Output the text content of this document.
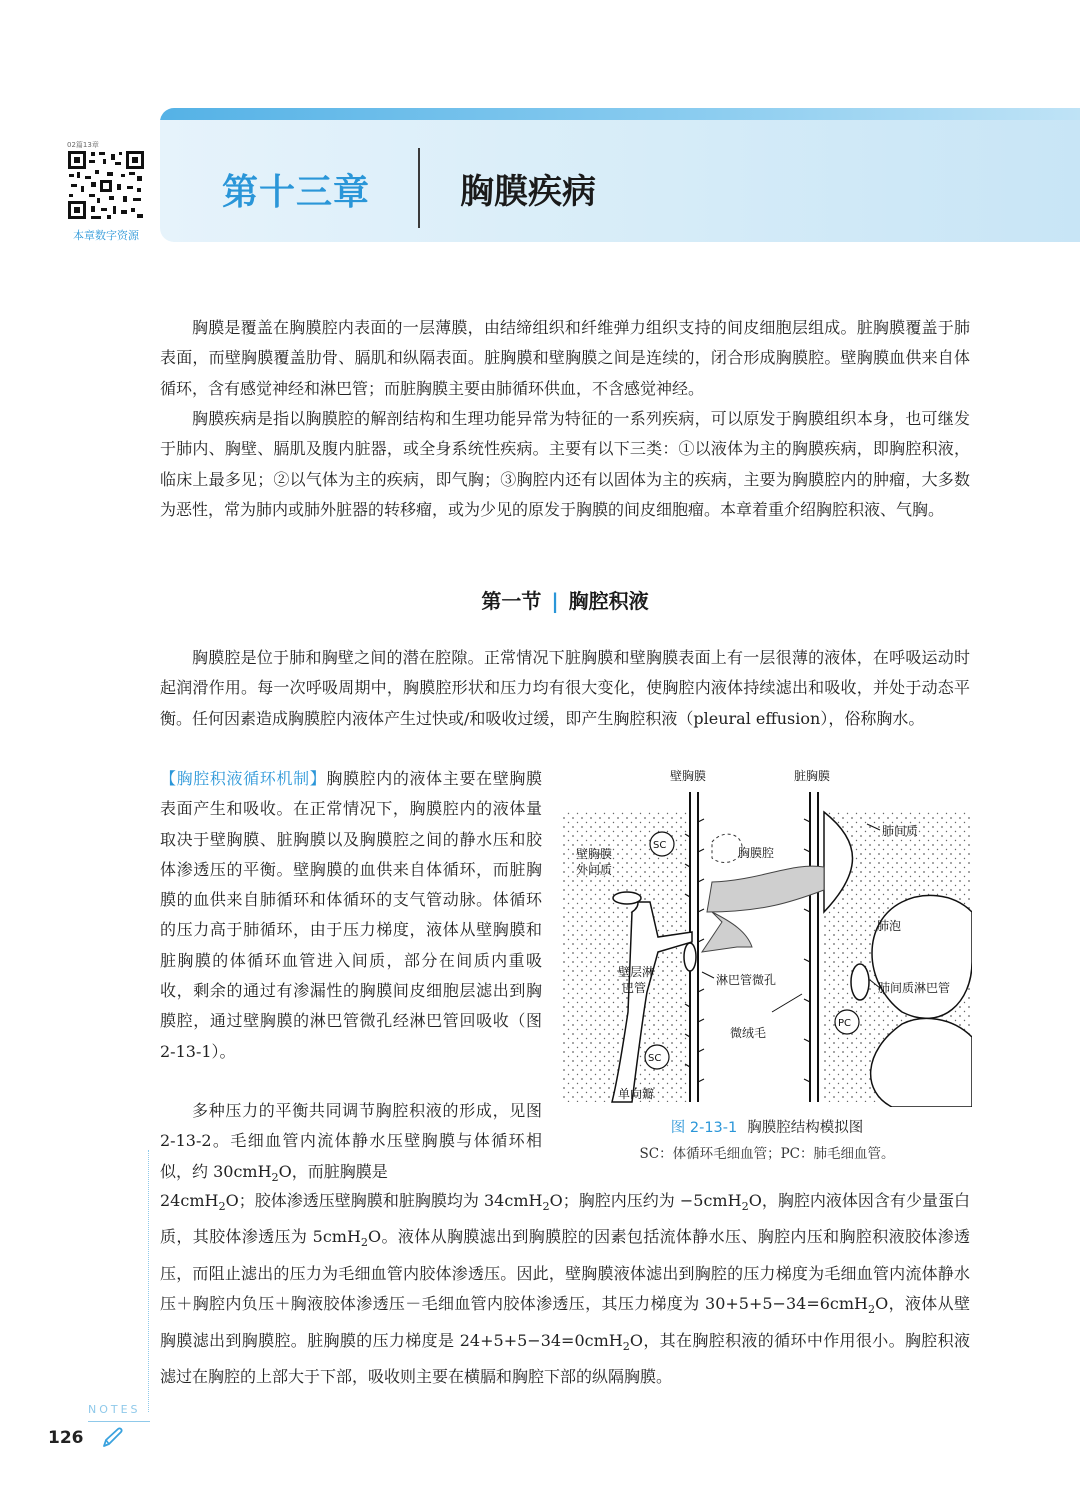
第十三章	胸膜疾病
02篇13章
本章数字资源

胸膜是覆盖在胸膜腔内表面的一层薄膜，由结缔组织和纤维弹力组织支持的间皮细胞层组成。脏胸膜覆盖于肺表面，而壁胸膜覆盖肋骨、膈肌和纵隔表面。脏胸膜和壁胸膜之间是连续的，闭合形成胸膜腔。壁胸膜血供来自体循环，含有感觉神经和淋巴管；而脏胸膜主要由肺循环供血，不含感觉神经。

胸膜疾病是指以胸膜腔的解剖结构和生理功能异常为特征的一系列疾病，可以原发于胸膜组织本身，也可继发于肺内、胸壁、膈肌及腹内脏器，或全身系统性疾病。主要有以下三类：①以液体为主的胸膜疾病，即胸腔积液，临床上最多见；②以气体为主的疾病，即气胸；③胸腔内还有以固体为主的疾病，主要为胸膜腔内的肿瘤，大多数为恶性，常为肺内或肺外脏器的转移瘤，或为少见的原发于胸膜的间皮细胞瘤。本章着重介绍胸腔积液、气胸。

第一节 | 胸腔积液

胸膜腔是位于肺和胸壁之间的潜在腔隙。正常情况下脏胸膜和壁胸膜表面上有一层很薄的液体，在呼吸运动时起润滑作用。每一次呼吸周期中，胸膜腔形状和压力均有很大变化，使胸腔内液体持续滤出和吸收，并处于动态平衡。任何因素造成胸膜腔内液体产生过快或/和吸收过缓，即产生胸腔积液（pleural effusion），俗称胸水。

【胸腔积液循环机制】胸膜腔内的液体主要在壁胸膜表面产生和吸收。在正常情况下，胸膜腔内的液体量取决于壁胸膜、脏胸膜以及胸膜腔之间的静水压和胶体渗透压的平衡。壁胸膜的血供来自体循环，而脏胸膜的血供来自肺循环和体循环的支气管动脉。体循环的压力高于肺循环，由于压力梯度，液体从壁胸膜和脏胸膜的体循环血管进入间质，部分在间质内重吸收，剩余的通过有渗漏性的胸膜间皮细胞层滤出到胸膜腔，通过壁胸膜的淋巴管微孔经淋巴管回吸收（图 2-13-1）。

多种压力的平衡共同调节胸腔积液的形成，见图 2-13-2。毛细血管内流体静水压壁胸膜与体循环相似，约 30cmH$_2$O，而脏胸膜是

24cmH$_2$O；胶体渗透压壁胸膜和脏胸膜均为 34cmH$_2$O；胸腔内压约为 −5cmH$_2$O，胸腔内液体因含有少量蛋白质，其胶体渗透压为 5cmH$_2$O。液体从胸膜滤出到胸膜腔的因素包括流体静水压、胸腔内压和胸腔积液胶体渗透压，而阻止滤出的压力为毛细血管内胶体渗透压。因此，壁胸膜液体滤出到胸腔的压力梯度为毛细血管内流体静水压＋胸腔内负压＋胸液胶体渗透压－毛细血管内胶体渗透压，其压力梯度为 30+5+5−34=6cmH$_2$O，液体从壁胸膜滤出到胸膜腔。脏胸膜的压力梯度是 24+5+5−34=0cmH$_2$O，其在胸腔积液的循环中作用很小。胸腔积液滤过在胸腔的上部大于下部，吸收则主要在横膈和胸腔下部的纵隔胸膜。

壁胸膜	脏胸膜
肺间质
壁胸膜
外间质
胸膜腔
肺泡
壁层淋
巴管
淋巴管微孔
肺间质淋巴管
微绒毛
SC
SC
PC
单向瓣
图 2-13-1 胸膜腔结构模拟图
SC：体循环毛细血管；PC：肺毛细血管。
NOTES
126
